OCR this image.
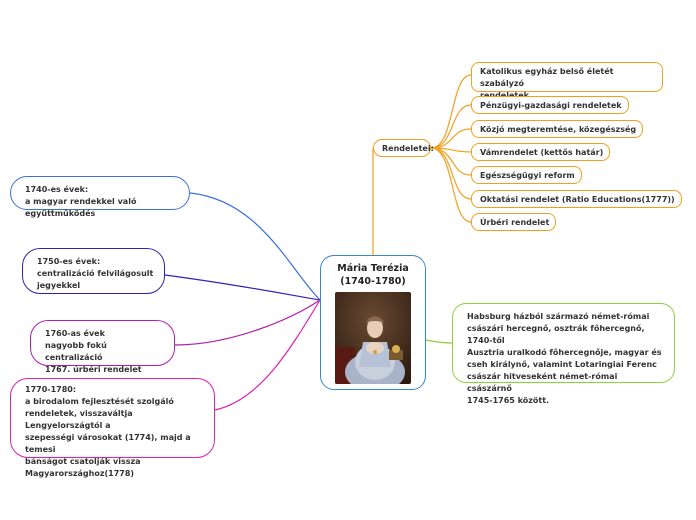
Mária Terézia
(1740-1780)
1740-es évek:
a magyar rendekkel való együttműködés
1750-es évek:
centralizáció felvilágosult
jegyekkel
1760-as évek
nagyobb fokú centralizáció
1767. úrbéri rendelet
1770-1780:
a birodalom fejlesztését szolgáló
rendeletek, visszaváltja Lengyelországtól a
szepességi városokat (1774), majd a temesi
bánságot csatolják vissza
Magyarországhoz(1778)
Rendeletei:
Katolikus egyház belső életét szabályzó
Pénzügyi-gazdasági rendeletek
Közjó megteremtése, közegészség
Vámrendelet (kettős határ)
Egészségügyi reform
Oktatási rendelet (Ratio Educations(1777))
Úrbéri rendelet
Habsburg házból származó német-római
császári hercegnő, osztrák főhercegnő, 1740-től
Ausztria uralkodó főhercegnője, magyar és
cseh királynő, valamint Lotaringiai Ferenc
császár hitveseként német-római császárnő
1745-1765 között.
